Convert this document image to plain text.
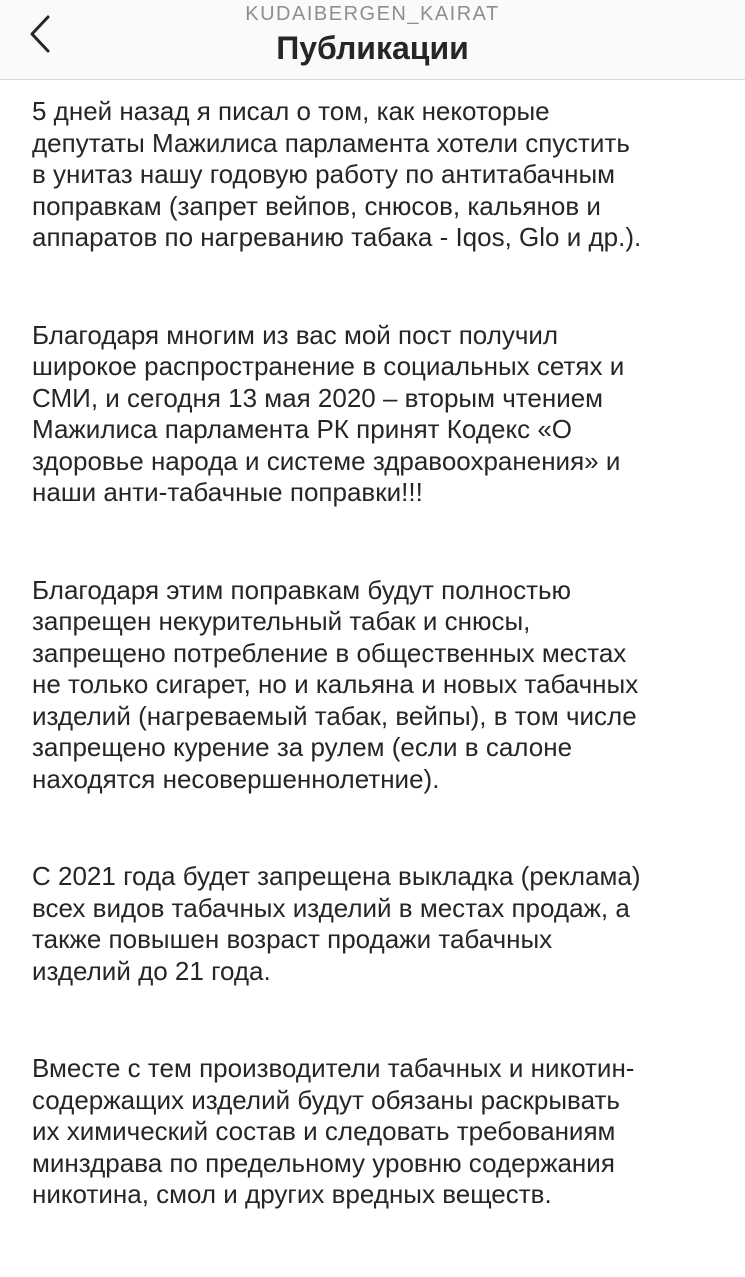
KUDAIBERGEN_KAIRAT
Публикации

5 дней назад я писал о том, как некоторые
депутаты Мажилиса парламента хотели спустить
в унитаз нашу годовую работу по антитабачным
поправкам (запрет вейпов, снюсов, кальянов и
аппаратов по нагреванию табака - Iqos, Glo и др.).

Благодаря многим из вас мой пост получил
широкое распространение в социальных сетях и
СМИ, и сегодня 13 мая 2020 – вторым чтением
Мажилиса парламента РК принят Кодекс «О
здоровье народа и системе здравоохранения» и
наши анти-табачные поправки!!!

Благодаря этим поправкам будут полностью
запрещен некурительный табак и снюсы,
запрещено потребление в общественных местах
не только сигарет, но и кальяна и новых табачных
изделий (нагреваемый табак, вейпы), в том числе
запрещено курение за рулем (если в салоне
находятся несовершеннолетние).

С 2021 года будет запрещена выкладка (реклама)
всех видов табачных изделий в местах продаж, а
также повышен возраст продажи табачных
изделий до 21 года.

Вместе с тем производители табачных и никотин-
содержащих изделий будут обязаны раскрывать
их химический состав и следовать требованиям
минздрава по предельному уровню содержания
никотина, смол и других вредных веществ.
